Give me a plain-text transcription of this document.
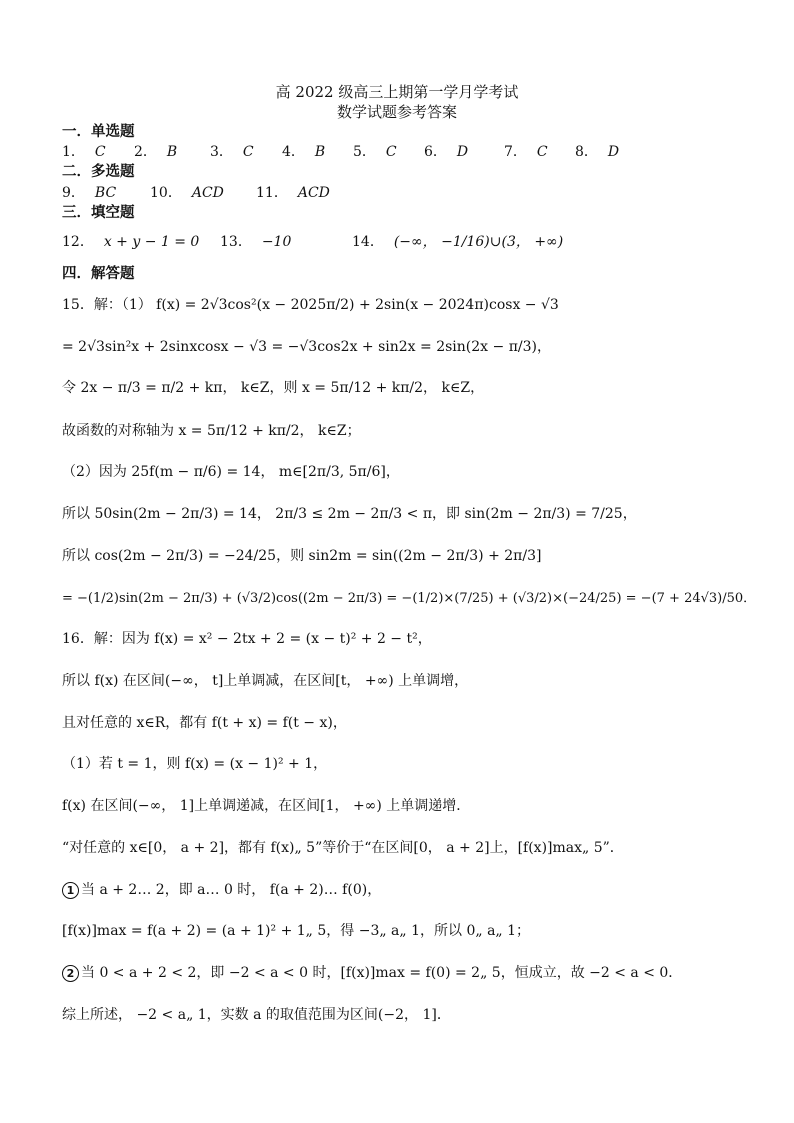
高 2022 级高三上期第一学月学考试
数学试题参考答案
一．单选题
1． C 2． B 3． C 4． B 5． C 6． D	7． C 8． D
二．多选题
9． BC 10． ACD 11． ACD
三．填空题
12． x + y − 1 = 0 13． −10	14． (−∞， −1/16)∪(3， +∞)
四．解答题
15．解：（1） f(x) = 2√3cos²(x − 2025π/2) + 2sin(x − 2024π)cosx − √3
= 2√3sin²x + 2sinxcosx − √3 = −√3cos2x + sin2x = 2sin(2x − π/3)，
令 2x − π/3 = π/2 + kπ， k∈Z，则 x = 5π/12 + kπ/2， k∈Z，
故函数的对称轴为 x = 5π/12 + kπ/2， k∈Z；
（2）因为 25f(m − π/6) = 14， m∈[2π/3, 5π/6]，
所以 50sin(2m − 2π/3) = 14， 2π/3 ≤ 2m − 2π/3 < π，即 sin(2m − 2π/3) = 7/25，
所以 cos(2m − 2π/3) = −24/25，则 sin2m = sin((2m − 2π/3) + 2π/3]
= −(1/2)sin(2m − 2π/3) + (√3/2)cos((2m − 2π/3) = −(1/2)×(7/25) + (√3/2)×(−24/25) = −(7 + 24√3)/50．
16．解：因为 f(x) = x² − 2tx + 2 = (x − t)² + 2 − t²，
所以 f(x) 在区间(−∞， t]上单调减，在区间[t， +∞) 上单调增，
且对任意的 x∈R，都有 f(t + x) = f(t − x)，
（1）若 t = 1，则 f(x) = (x − 1)² + 1，
f(x) 在区间(−∞， 1]上单调递减，在区间[1， +∞) 上单调递增．
“对任意的 x∈[0， a + 2]，都有 f(x)„ 5”等价于“在区间[0， a + 2]上，[f(x)]max„ 5”．
1 当 a + 2… 2，即 a… 0 时， f(a + 2)… f(0)，
[f(x)]max = f(a + 2) = (a + 1)² + 1„ 5，得 −3„ a„ 1，所以 0„ a„ 1；
2 当 0 < a + 2 < 2，即 −2 < a < 0 时，[f(x)]max = f(0) = 2„ 5，恒成立，故 −2 < a < 0．
综上所述， −2 < a„ 1，实数 a 的取值范围为区间(−2， 1]．
